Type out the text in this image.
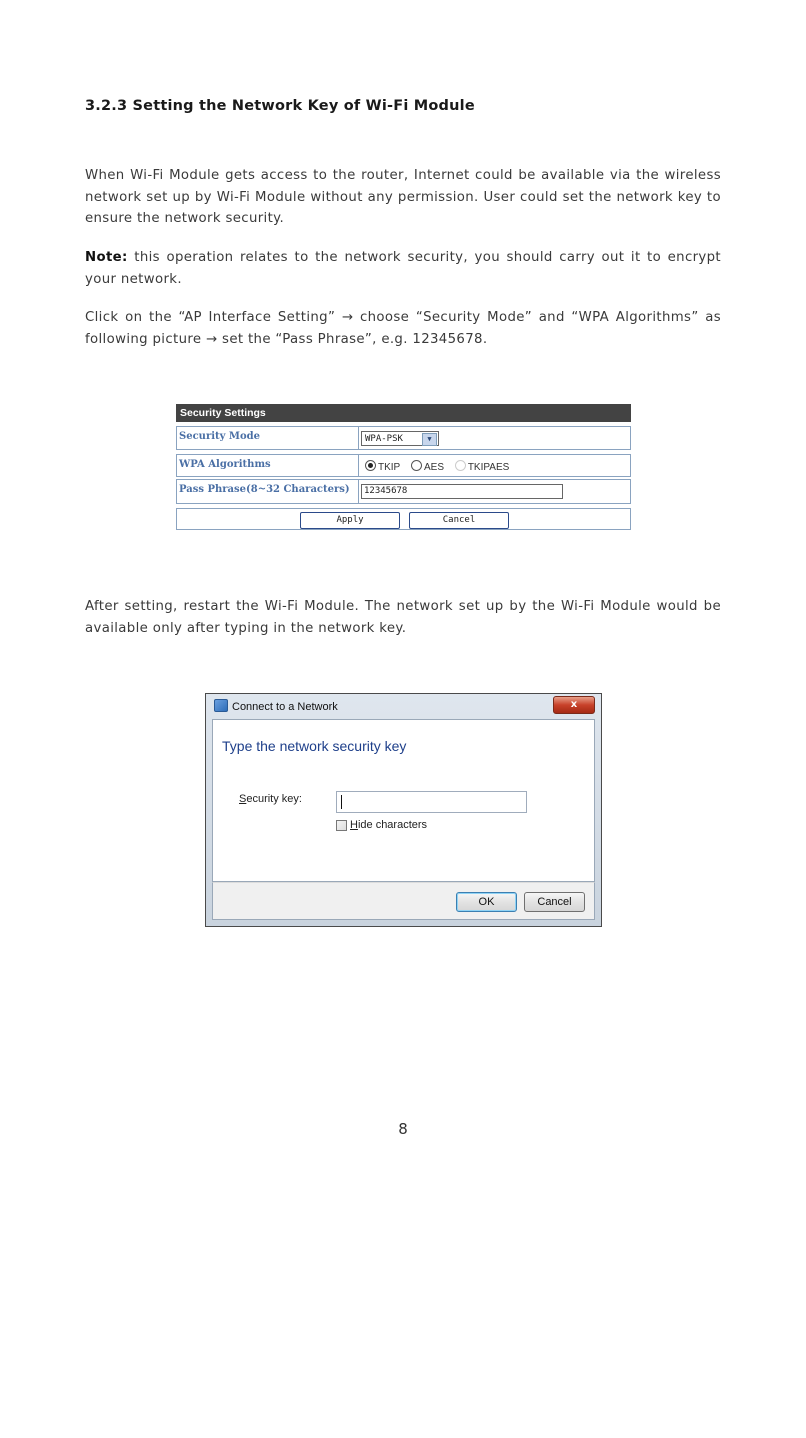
3.2.3 Setting the Network Key of Wi-Fi Module
When Wi-Fi Module gets access to the router, Internet could be available via the wireless network set up by Wi-Fi Module without any permission. User could set the network key to ensure the network security.
Note: this operation relates to the network security, you should carry out it to encrypt your network.
Click on the “AP Interface Setting” → choose “Security Mode” and “WPA Algorithms” as following picture → set the “Pass Phrase”, e.g. 12345678.
Security Settings
Security Mode	WPA-PSK	▼
WPA Algorithms	TKIP AES TKIPAES
Pass Phrase(8~32 Characters)	12345678
Apply	Cancel
After setting, restart the Wi-Fi Module. The network set up by the Wi-Fi Module would be available only after typing in the network key.
Connect to a Network	x
Type the network security key
Security key:
Hide characters
OK	Cancel
8
